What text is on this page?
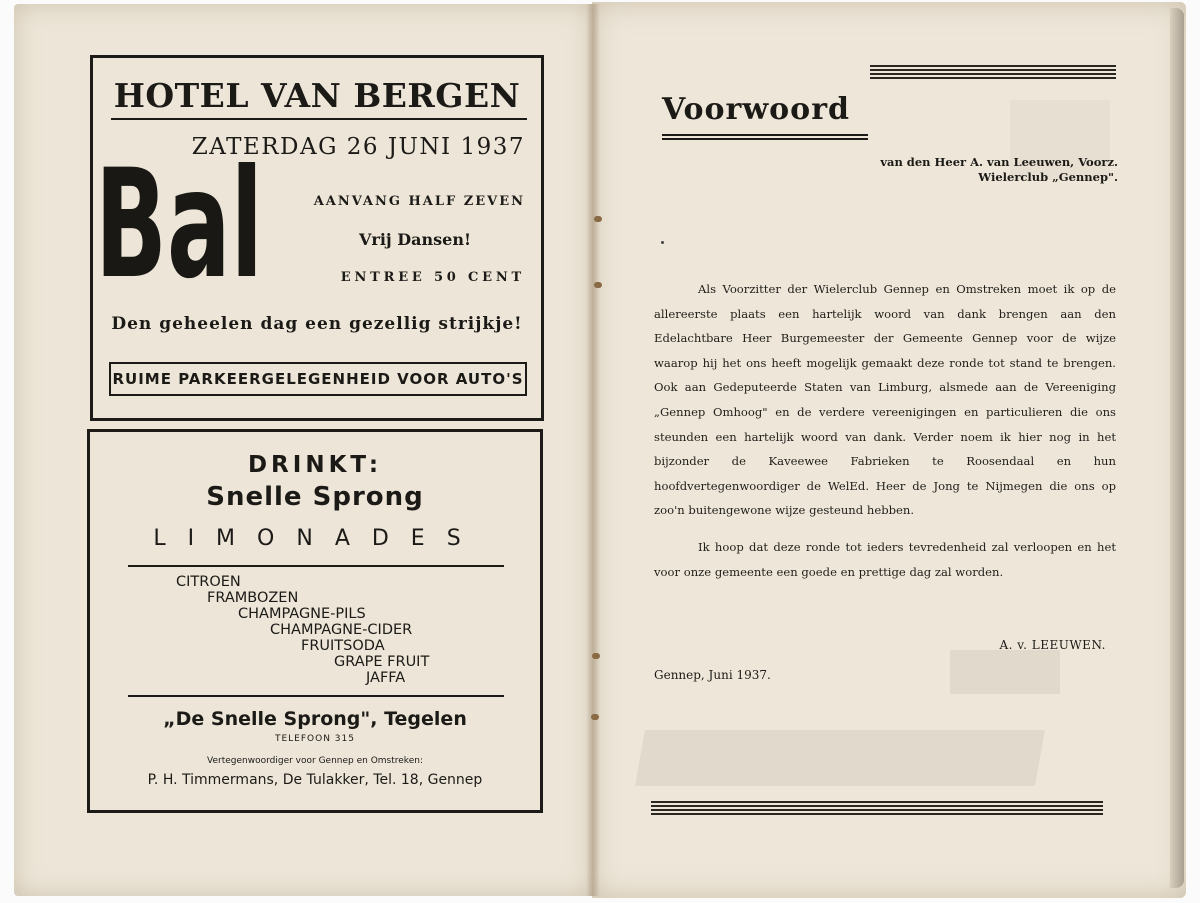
HOTEL VAN BERGEN
ZATERDAG 26 JUNI 1937
Bal	AANVANG HALF ZEVEN
Vrij Dansen!
ENTREE 50 CENT
Den geheelen dag een gezellig strijkje!
RUIME PARKEERGELEGENHEID VOOR AUTO'S
DRINKT:
Snelle Sprong
LIMONADES
CITROEN
FRAMBOZEN
CHAMPAGNE-PILS
CHAMPAGNE-CIDER
FRUITSODA
GRAPE FRUIT
JAFFA
„De Snelle Sprong", Tegelen
TELEFOON 315
Vertegenwoordiger voor Gennep en Omstreken:
P. H. Timmermans, De Tulakker, Tel. 18, Gennep
Voorwoord
van den Heer A. van Leeuwen, Voorz.
Wielerclub „Gennep".

Als Voorzitter der Wielerclub Gennep en Omstreken moet ik op de allereerste plaats een hartelijk woord van dank brengen aan den Edelachtbare Heer Burgemeester der Gemeente Gennep voor de wijze waarop hij het ons heeft mogelijk gemaakt deze ronde tot stand te brengen. Ook aan Gedeputeerde Staten van Limburg, alsmede aan de Vereeniging „Gennep Omhoog" en de verdere vereenigingen en particulieren die ons steunden een hartelijk woord van dank. Verder noem ik hier nog in het bijzonder de Kaveewee Fabrieken te Roosendaal en hun hoofdvertegenwoordiger de WelEd. Heer de Jong te Nijmegen die ons op zoo'n buitengewone wijze gesteund hebben.

Ik hoop dat deze ronde tot ieders tevredenheid zal verloopen en het voor onze gemeente een goede en prettige dag zal worden.

A. v. LEEUWEN.
Gennep, Juni 1937.
